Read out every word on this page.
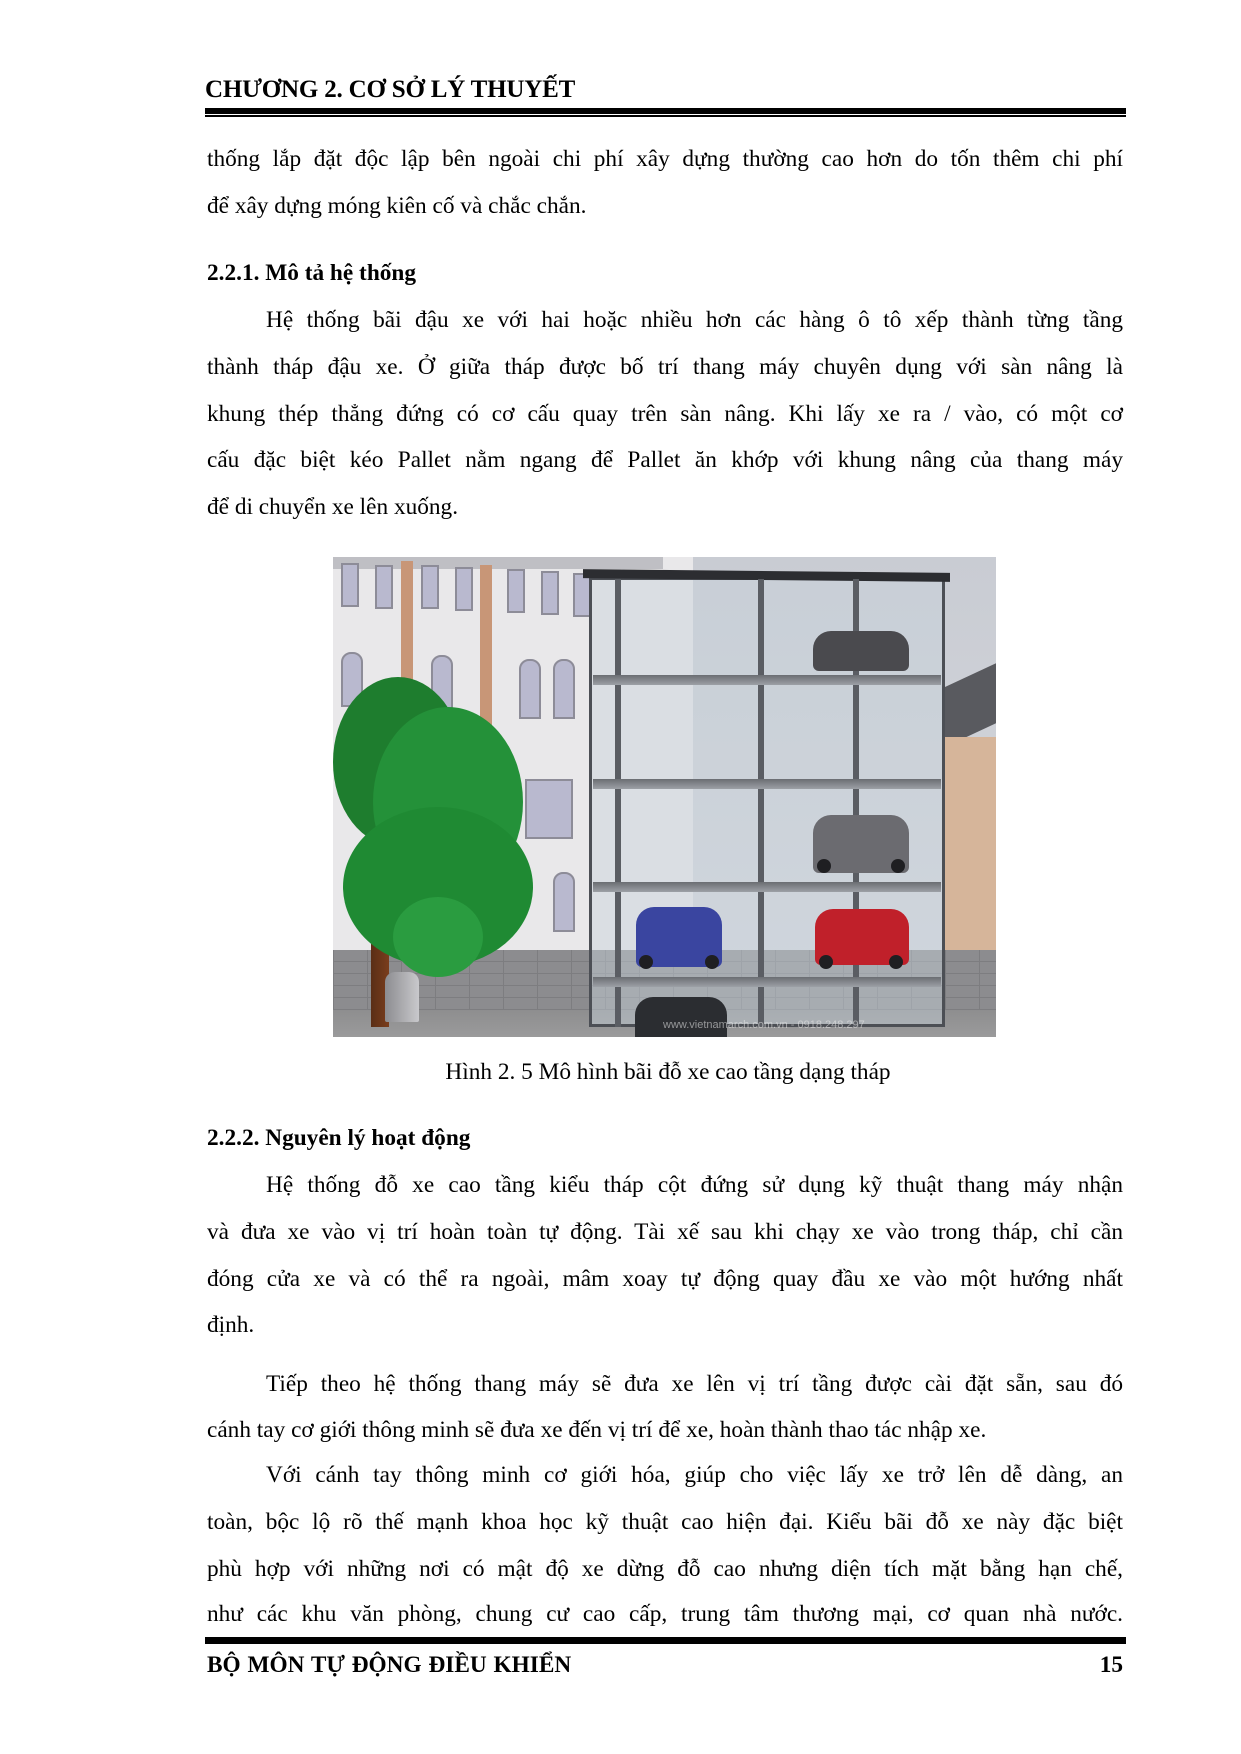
CHƯƠNG 2. CƠ SỞ LÝ THUYẾT
thống lắp đặt độc lập bên ngoài chi phí xây dựng thường cao hơn do tốn thêm chi phí
để xây dựng móng kiên cố và chắc chắn.
2.2.1. Mô tả hệ thống
Hệ thống bãi đậu xe với hai hoặc nhiều hơn các hàng ô tô xếp thành từng tầng
thành tháp đậu xe. Ở giữa tháp được bố trí thang máy chuyên dụng với sàn nâng là
khung thép thẳng đứng có cơ cấu quay trên sàn nâng. Khi lấy xe ra / vào, có một cơ
cấu đặc biệt kéo Pallet nằm ngang để Pallet ăn khớp với khung nâng của thang máy
để di chuyển xe lên xuống.
www.vietnamarch.com.vn - 0918.248.297
Hình 2. 5 Mô hình bãi đỗ xe cao tầng dạng tháp
2.2.2. Nguyên lý hoạt động
Hệ thống đỗ xe cao tầng kiểu tháp cột đứng sử dụng kỹ thuật thang máy nhận
và đưa xe vào vị trí hoàn toàn tự động. Tài xế sau khi chạy xe vào trong tháp, chỉ cần
đóng cửa xe và có thể ra ngoài, mâm xoay tự động quay đầu xe vào một hướng nhất
định.
Tiếp theo hệ thống thang máy sẽ đưa xe lên vị trí tầng được cài đặt sẵn, sau đó
cánh tay cơ giới thông minh sẽ đưa xe đến vị trí để xe, hoàn thành thao tác nhập xe.
Với cánh tay thông minh cơ giới hóa, giúp cho việc lấy xe trở lên dễ dàng, an
toàn, bộc lộ rõ thế mạnh khoa học kỹ thuật cao hiện đại. Kiểu bãi đỗ xe này đặc biệt
phù hợp với những nơi có mật độ xe dừng đỗ cao nhưng diện tích mặt bằng hạn chế,
như các khu văn phòng, chung cư cao cấp, trung tâm thương mại, cơ quan nhà nước.
BỘ MÔN TỰ ĐỘNG ĐIỀU KHIỂN	15
